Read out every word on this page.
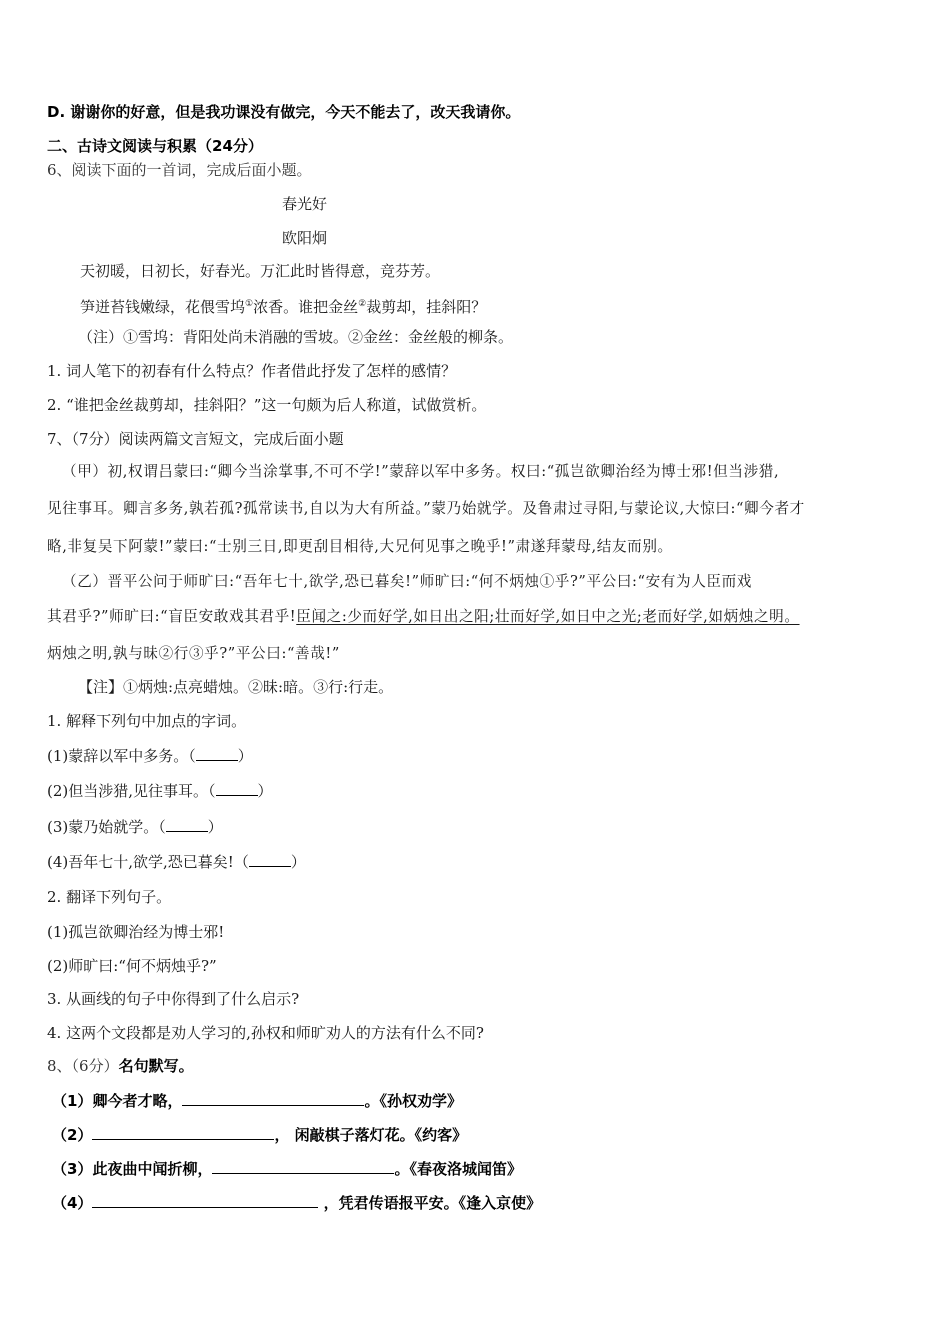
D. 谢谢你的好意，但是我功课没有做完，今天不能去了，改天我请你。
二、古诗文阅读与积累（24分）
6、阅读下面的一首词，完成后面小题。
春光好
欧阳炯
天初暖，日初长，好春光。万汇此时皆得意，竞芬芳。
笋迸苔钱嫩绿，花偎雪坞①浓香。谁把金丝②裁剪却，挂斜阳？
（注）①雪坞：背阳处尚未消融的雪坡。②金丝：金丝般的柳条。
1. 词人笔下的初春有什么特点？作者借此抒发了怎样的感情？
2. “谁把金丝裁剪却，挂斜阳？”这一句颇为后人称道，试做赏析。
7、（7分）阅读两篇文言短文，完成后面小题
（甲）初,权谓吕蒙曰:“卿今当涂掌事,不可不学!”蒙辞以军中多务。权曰:“孤岂欲卿治经为博士邪!但当涉猎,
见往事耳。卿言多务,孰若孤?孤常读书,自以为大有所益。”蒙乃始就学。及鲁肃过寻阳,与蒙论议,大惊曰:“卿今者才
略,非复吴下阿蒙!”蒙曰:“士别三日,即更刮目相待,大兄何见事之晚乎!”肃遂拜蒙母,结友而别。
（乙）晋平公问于师旷曰:“吾年七十,欲学,恐已暮矣!”师旷曰:“何不炳烛①乎?”平公曰:“安有为人臣而戏
其君乎?”师旷曰:“盲臣安敢戏其君乎!臣闻之:少而好学,如日出之阳;壮而好学,如日中之光;老而好学,如炳烛之明。
炳烛之明,孰与昧②行③乎?”平公曰:“善哉!”
【注】①炳烛:点亮蜡烛。②昧:暗。③行:行走。
1. 解释下列句中加点的字词。
(1)蒙辞以军中多务。（	）
(2)但当涉猎,见往事耳。（	）
(3)蒙乃始就学。（	）
(4)吾年七十,欲学,恐已暮矣!（	）
2. 翻译下列句子。
(1)孤岂欲卿治经为博士邪!
(2)师旷曰:“何不炳烛乎?”
3. 从画线的句子中你得到了什么启示?
4. 这两个文段都是劝人学习的,孙权和师旷劝人的方法有什么不同?
8、（6分）名句默写。
（1）卿今者才略，	。《孙权劝学》
（2）	， 闲敲棋子落灯花。《约客》
（3）此夜曲中闻折柳，	。《春夜洛城闻笛》
（4）	，凭君传语报平安。《逢入京使》
